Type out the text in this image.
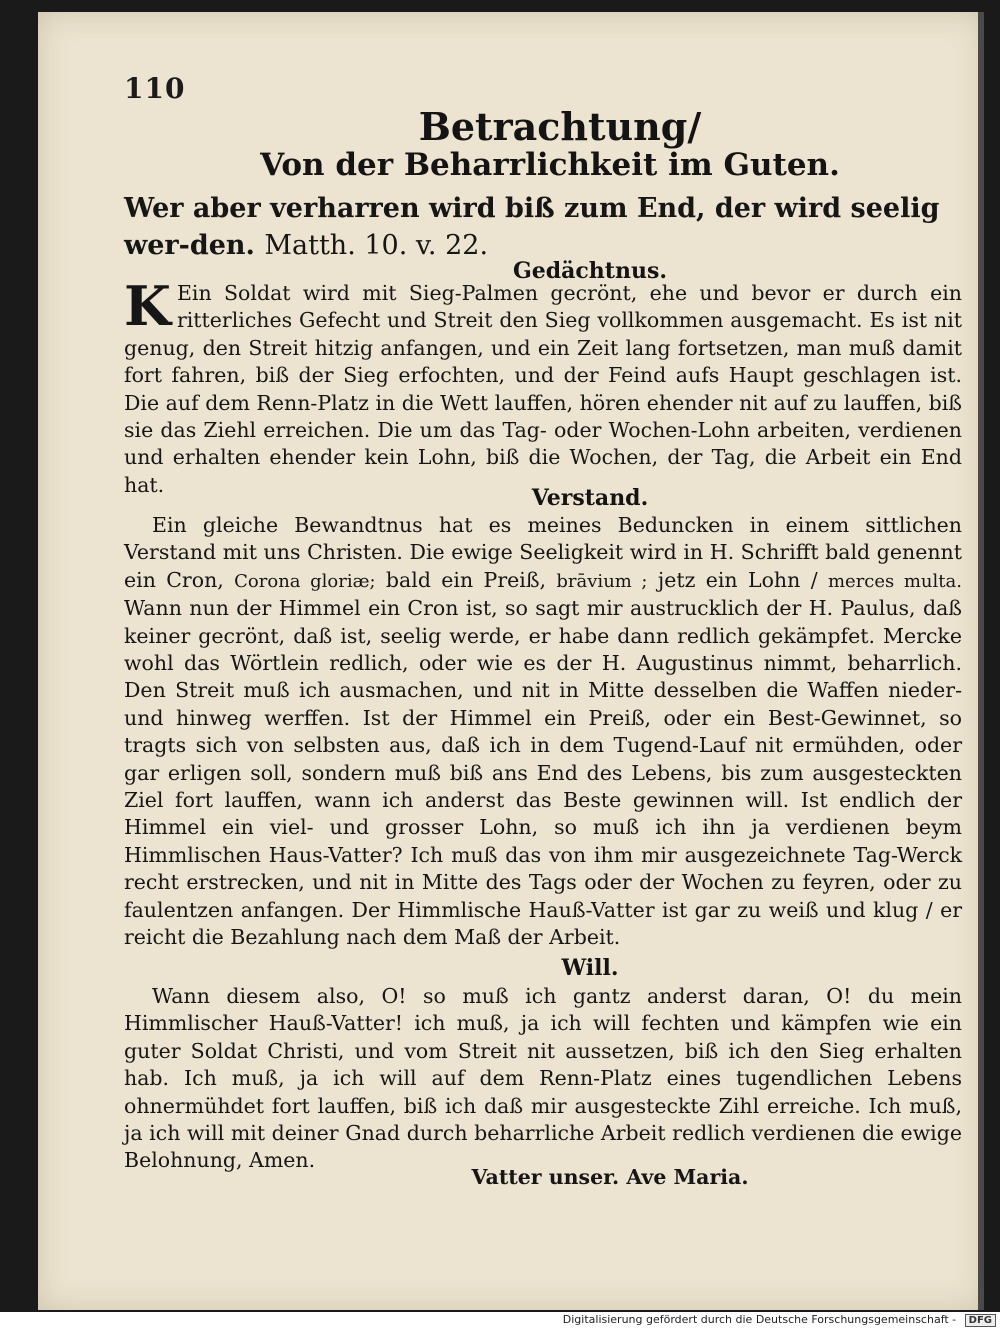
110
Betrachtung/
Von der Beharrlichkeit im Guten.
Wer aber verharren wird biß zum End, der wird seelig wer-den. Matth. 10. v. 22.
Gedächtnus.
K Ein Soldat wird mit Sieg-Palmen gecrönt, ehe und bevor er durch ein ritterliches Gefecht und Streit den Sieg vollkommen ausgemacht. Es ist nit genug, den Streit hitzig anfangen, und ein Zeit lang fortsetzen, man muß damit fort fahren, biß der Sieg erfochten, und der Feind aufs Haupt geschlagen ist. Die auf dem Renn-Platz in die Wett lauffen, hören ehender nit auf zu lauffen, biß sie das Ziehl erreichen. Die um das Tag- oder Wochen-Lohn arbeiten, verdienen und erhalten ehender kein Lohn, biß die Wochen, der Tag, die Arbeit ein End hat.
Verstand.
Ein gleiche Bewandtnus hat es meines Beduncken in einem sittlichen Verstand mit uns Christen. Die ewige Seeligkeit wird in H. Schrifft bald genennt ein Cron, Corona gloriæ; bald ein Preiß, brāvium ; jetz ein Lohn / merces multa. Wann nun der Himmel ein Cron ist, so sagt mir austrucklich der H. Paulus, daß keiner gecrönt, daß ist, seelig werde, er habe dann redlich gekämpfet. Mercke wohl das Wörtlein redlich, oder wie es der H. Augustinus nimmt, beharrlich. Den Streit muß ich ausmachen, und nit in Mitte desselben die Waffen nieder- und hinweg werffen. Ist der Himmel ein Preiß, oder ein Best-Gewinnet, so tragts sich von selbsten aus, daß ich in dem Tugend-Lauf nit ermühden, oder gar erligen soll, sondern muß biß ans End des Lebens, bis zum ausgesteckten Ziel fort lauffen, wann ich anderst das Beste gewinnen will. Ist endlich der Himmel ein viel- und grosser Lohn, so muß ich ihn ja verdienen beym Himmlischen Haus-Vatter? Ich muß das von ihm mir ausgezeichnete Tag-Werck recht erstrecken, und nit in Mitte des Tags oder der Wochen zu feyren, oder zu faulentzen anfangen. Der Himmlische Hauß-Vatter ist gar zu weiß und klug / er reicht die Bezahlung nach dem Maß der Arbeit.
Will.
Wann diesem also, O! so muß ich gantz anderst daran, O! du mein Himmlischer Hauß-Vatter! ich muß, ja ich will fechten und kämpfen wie ein guter Soldat Christi, und vom Streit nit aussetzen, biß ich den Sieg erhalten hab. Ich muß, ja ich will auf dem Renn-Platz eines tugendlichen Lebens ohnermühdet fort lauffen, biß ich daß mir ausgesteckte Zihl erreiche. Ich muß, ja ich will mit deiner Gnad durch beharrliche Arbeit redlich verdienen die ewige Belohnung, Amen.
Vatter unser. Ave Maria.
Digitalisierung gefördert durch die Deutsche Forschungsgemeinschaft - DFG
